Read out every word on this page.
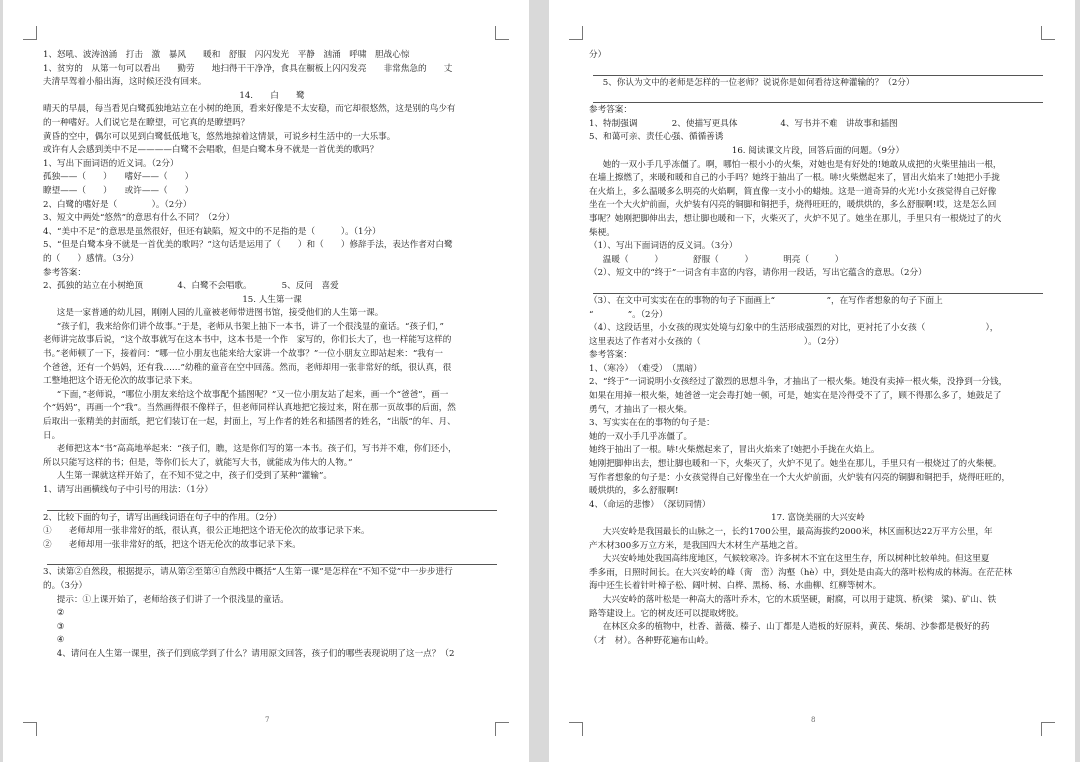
1、怒吼、波涛汹涌　打击　激　暴风　　暖和　舒服　闪闪发光　平静　汹涌　呼啸　胆战心惊

1、贫穷的　从第一句可以看出　　勤劳　　地扫得干干净净，食具在橱板上闪闪发亮　　非常焦急的　　丈

夫清早驾着小船出海，这时候还没有回来。

14.　　白　　鹭

晴天的早晨，每当看见白鹭孤独地站立在小树的绝顶，看来好像是不太安稳，而它却很悠然，这是别的鸟少有

的一种嗜好。人们说它是在瞭望，可它真的是瞭望吗？

黄昏的空中，偶尔可以见到白鹭低低地飞，悠然地掠着这情景，可说乡村生活中的一大乐事。

或许有人会感到美中不足————白鹭不会唱歌，但是白鹭本身不就是一首优美的歌吗？

1、写出下面词语的近义词。（2分）

孤独——（　　）　　嗜好——（　　）

瞭望——（　　）　　或许——（　　）

2、白鹭的嗜好是（　　　　）。（2分）

3、短文中两处“悠然”的意思有什么不同？（2分）

4、“美中不足”的意思是虽然很好，但还有缺陷，短文中的不足指的是（　　　）。（1分）

5、“但是白鹭本身不就是一首优美的歌吗？”这句话是运用了（　　）和（　　）修辞手法，表达作者对白鹭

的（　　）感情。（3分）

参考答案：

2、孤独的站立在小树绝顶　　　　4、白鹭不会唱歌。　　　　5、反问　喜爱

15. 人生第一课

这是一家普通的幼儿园，刚刚人园的儿童被老师带进图书馆，接受他们的人生第一课。

“孩子们，我来给你们讲个故事。”于是，老师从书架上抽下一本书，讲了一个很浅显的童话。“孩子们，”

老师讲完故事后说，“这个故事就写在这本书中，这本书是一个作　家写的，你们长大了，也一样能写这样的

书。”老师顿了一下，接着问：“哪一位小朋友也能来给大家讲一个故事？”一位小朋友立即站起来：“我有一

个爸爸，还有一个妈妈，还有我……”幼稚的童音在空中回荡。然而，老师却用一张非常好的纸，很认真，很

工整地把这个语无伦次的故事记录下来。

“下面，”老师说，“哪位小朋友来给这个故事配个插图呢？”又一位小朋友站了起来，画一个“爸爸”，画一

个“妈妈”，再画一个“我”。当然画得很不像样子，但老师同样认真地把它接过来，附在那一页故事的后面，然

后取出一张精美的封面纸，把它们装订在一起，封面上，写上作者的姓名和插图者的姓名，“出版”的年、月、

日。

老师把这本“书”高高地举起来：“孩子们，瞧，这是你们写的第一本书。孩子们，写书并不难，你们还小，

所以只能写这样的书；但是，等你们长大了，就能写大书，就能成为伟大的人物。”

人生第一课就这样开始了，在不知不觉之中，孩子们受到了某种“灌输”。

1、请写出画横线句子中引号的用法：（1分）

2、比较下面的句子，请写出画线词语在句子中的作用。（2分）

①　　老师却用一张非常好的纸，很认真，很公正地把这个语无伦次的故事记录下来。

②　　老师却用一张非常好的纸，把这个语无伦次的故事记录下来。

3、读第②自然段，根据提示，请从第②至第④自然段中概括“人生第一课”是怎样在“不知不觉”中一步步进行

的。（3分）

提示：①上课开始了，老师给孩子们讲了一个很浅显的童话。

②

③

④

4、请问在人生第一课里，孩子们到底学到了什么？请用原文回答，孩子们的哪些表现说明了这一点？（2

7

分）

5、你认为文中的老师是怎样的一位老师？说说你是如何看待这种灌输的？（2分）

参考答案：

1、特制强调　　　　2、使描写更具体　　　　　4、写书并不难　讲故事和插图

5、和蔼可亲、责任心强、循循善诱

16. 阅读课文片段，回答后面的问题。（9分）

她的一双小手几乎冻僵了。啊，哪怕一根小小的火柴，对她也是有好处的!她敢从成把的火柴里抽出一根，

在墙上擦燃了，来暖和暖和自己的小手吗？她终于抽出了一根。哧!火柴燃起来了，冒出火焰来了!她把小手拢

在火焰上，多么温暖多么明亮的火焰啊，简直像一支小小的蜡烛。这是一道奇异的火光!小女孩觉得自己好像

坐在一个大火炉前面，火炉装有闪亮的铜脚和铜把手，烧得旺旺的，暖烘烘的，多么舒服啊!哎，这是怎么回

事呢？她刚把脚伸出去，想让脚也暖和一下，火柴灭了，火炉不见了。她坐在那儿，手里只有一根烧过了的火

柴梗。

（1）、写出下面词语的反义词。（3分）

温暖（　　　）　　　　舒服（　　　）　　　　明亮（　　　）

（2）、短文中的“终于”一词含有丰富的内容，请你用一段话，写出它蕴含的意思。（2分）

（3）、在文中可实实在在的事物的句子下面画上“　　　　　　”，在写作者想象的句子下面上

“　　　　”。（2分）

（4）、这段话里，小女孩的现实处境与幻象中的生活形成强烈的对比，更衬托了小女孩（　　　　　　　），

这里表达了作者对小女孩的（　　　　　　　　　　　　）。（2分）

参考答案：

1、（寒冷）　（难受）　（黑暗）

2、“终于”一词说明小女孩经过了激烈的思想斗争，才抽出了一根火柴。她没有卖掉一根火柴，没挣到一分钱，

如果在用掉一根火柴，她爸爸一定会毒打她一顿，可是，她实在是冷得受不了了，顾不得那么多了，她鼓足了

勇气，才抽出了一根火柴。

3、写实实在在的事物的句子是：

她的一双小手几乎冻僵了。

她终于抽出了一根。哧!火柴燃起来了，冒出火焰来了!她把小手拢在火焰上。

她刚把脚伸出去，想让脚也暖和一下，火柴灭了，火炉不见了。她坐在那儿，手里只有一根烧过了的火柴梗。

写作者想象的句子是：小女孩觉得自己好像坐在一个大火炉前面，火炉装有闪亮的铜脚和铜把手，烧得旺旺的，

暖烘烘的，多么舒服啊!

4、（命运的悲惨）　（深切同情）

17. 富饶美丽的大兴安岭

大兴安岭是我国最长的山脉之一，长约1700公里，最高海拔约2000米，林区面积达22万平方公里，年

产木材300多万立方米，是我国四大木材生产基地之首。

大兴安岭地处我国高纬度地区，气候较寒冷。许多树木不宜在这里生存，所以树种比较单纯。但这里夏

季多雨，日照时间长。在大兴安岭的峰（脔　峦）沟壑（hè）中，到处是由高大的落叶松构成的林海。在茫茫林

海中还生长着针叶樟子松、阔叶树、白桦、黑杨、杨、水曲柳、红柳等树木。

大兴安岭的落叶松是一种高大的落叶乔木，它的木质坚硬，耐腐，可以用于建筑、桥(梁　粱)、矿山、铁

路等建设上。它的树皮还可以提取烤胶。

在林区众多的植物中，杜香、蔷薇、榛子、山丁都是人造板的好原料，黄芪、柴胡、沙参都是极好的药

（才　材）。各种野花遍布山岭。

8
